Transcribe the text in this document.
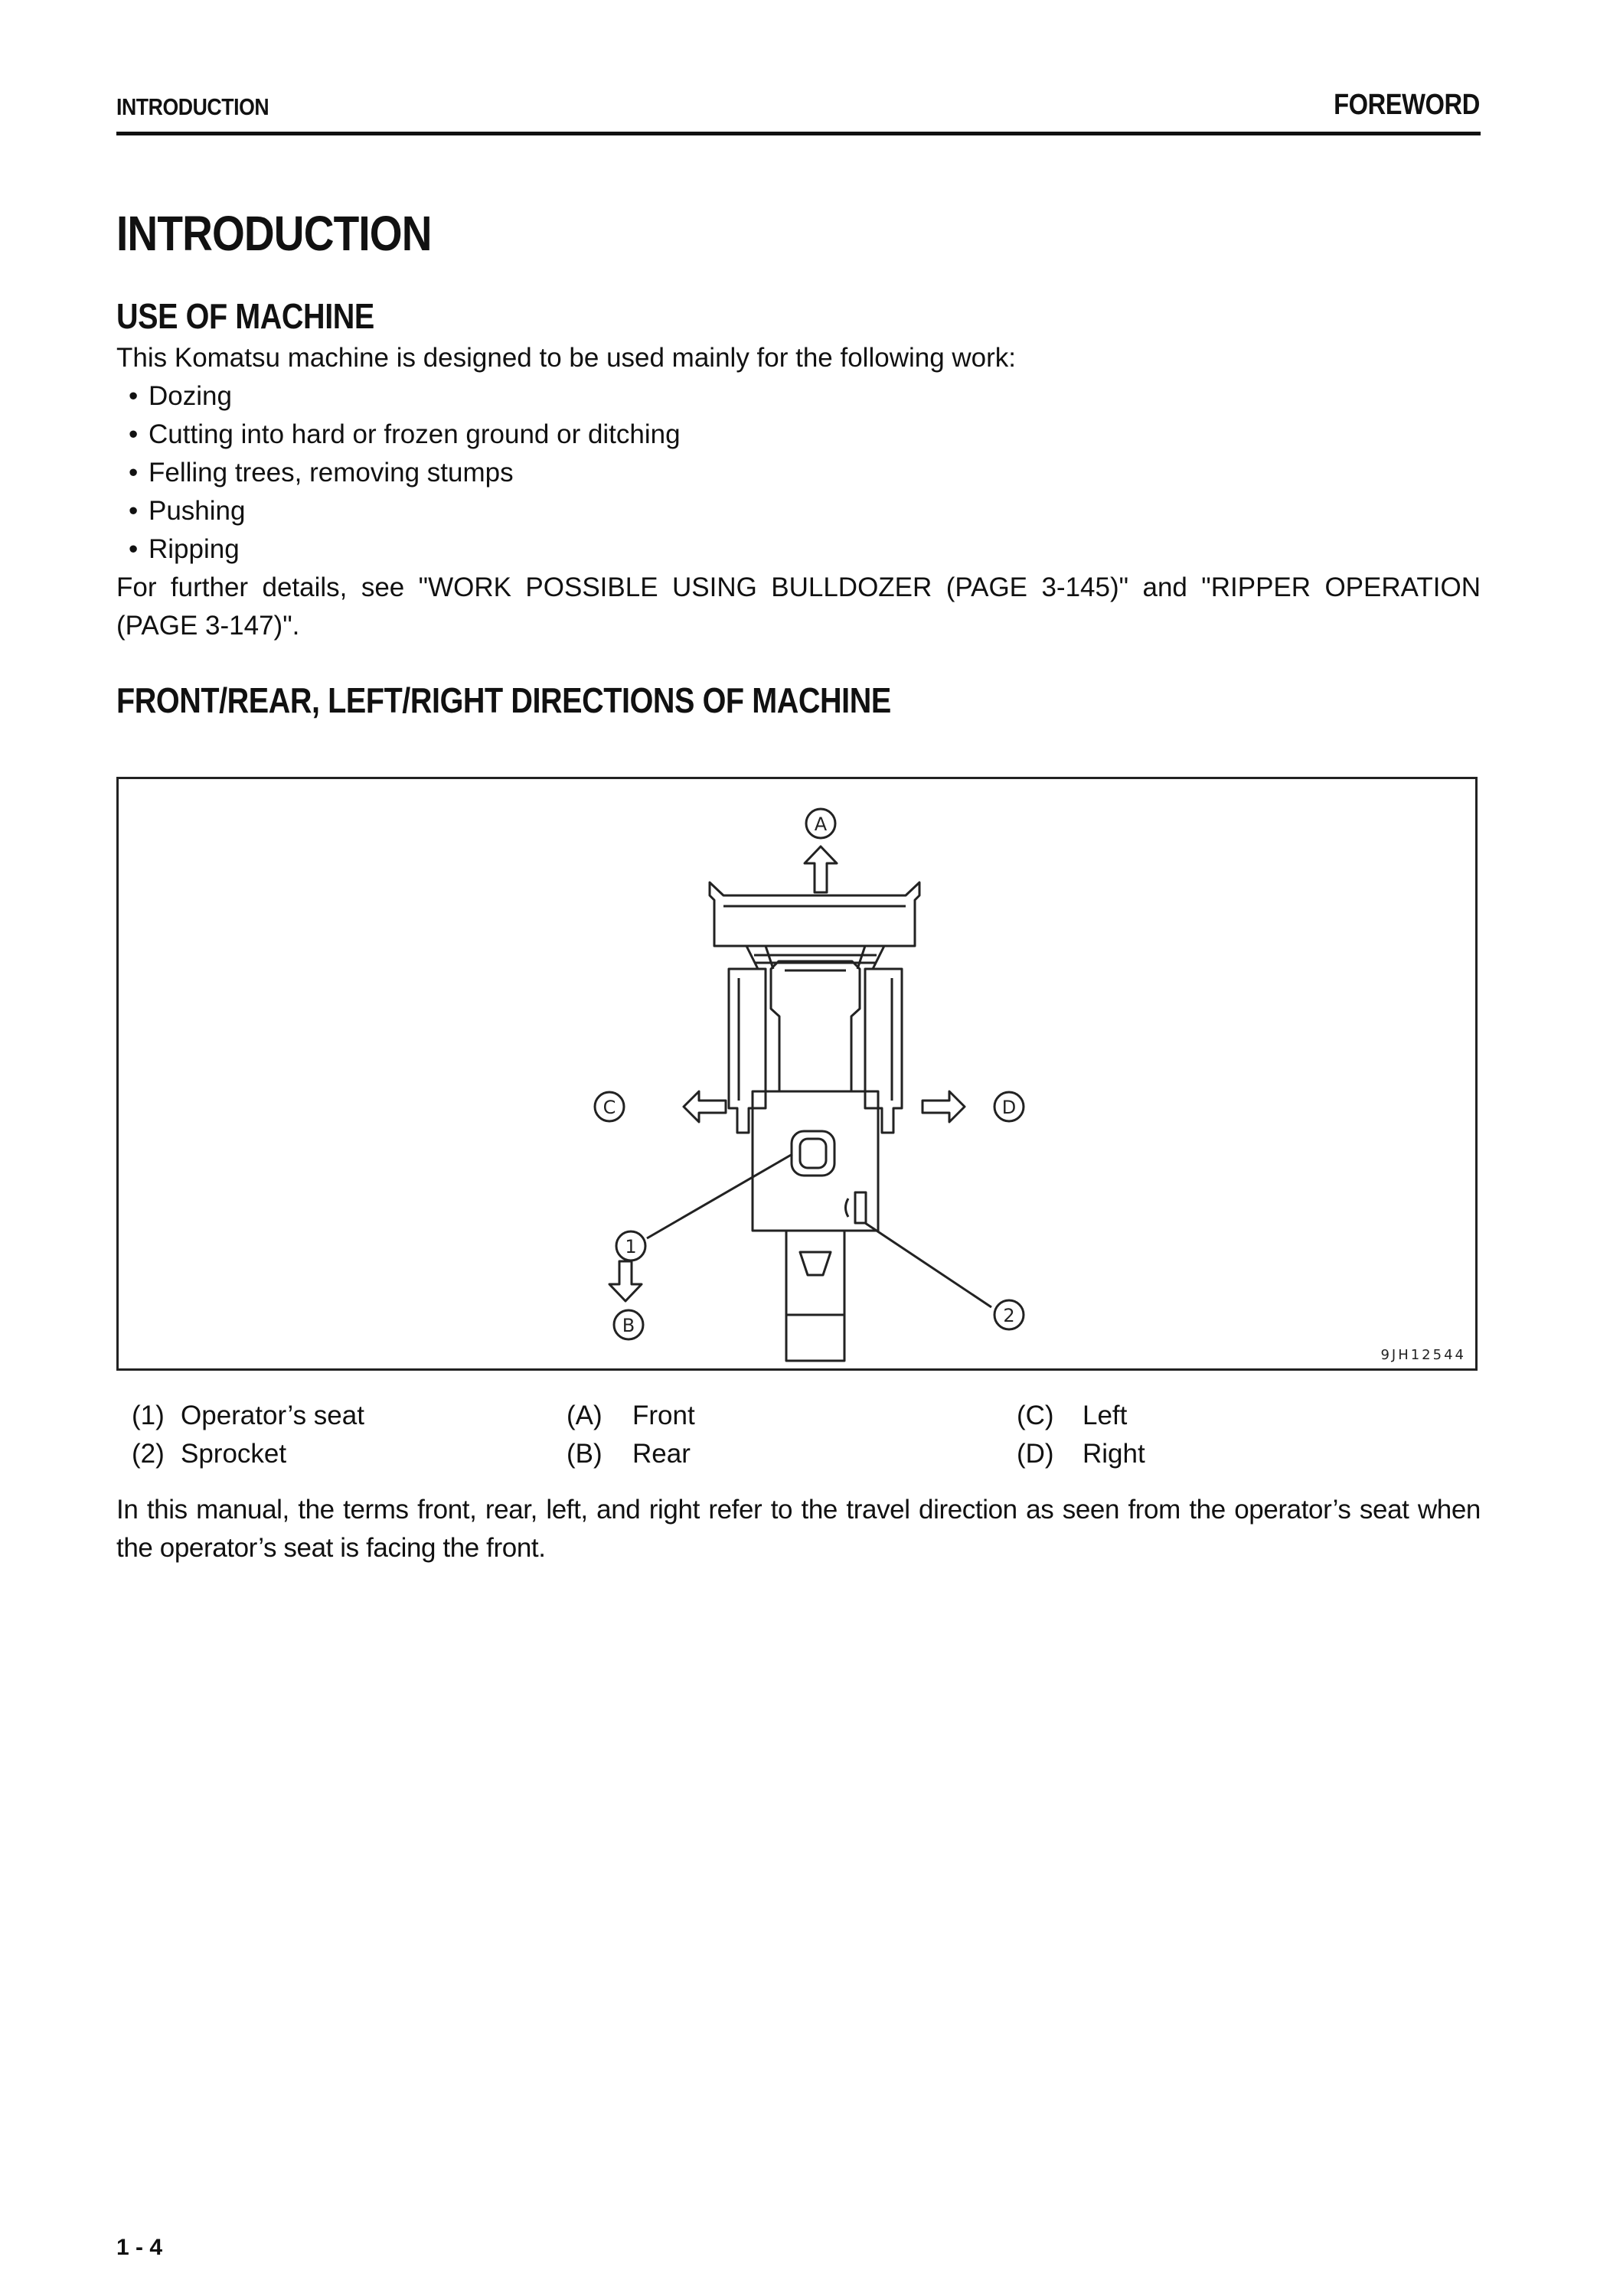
INTRODUCTION	FOREWORD
INTRODUCTION
USE OF MACHINE

This Komatsu machine is designed to be used mainly for the following work:

• Dozing
• Cutting into hard or frozen ground or ditching
• Felling trees, removing stumps
• Pushing
• Ripping

For further details, see "WORK POSSIBLE USING BULLDOZER (PAGE 3-145)" and "RIPPER OPERATION (PAGE 3-147)".

FRONT/REAR, LEFT/RIGHT DIRECTIONS OF MACHINE
A
B
C	D
1
2
9JH12544
(1) Operator’s seat
(2) Sprocket
(A) Front
(B) Rear
(C) Left
(D) Right

In this manual, the terms front, rear, left, and right refer to the travel direction as seen from the operator’s seat when the operator’s seat is facing the front.

1 - 4
